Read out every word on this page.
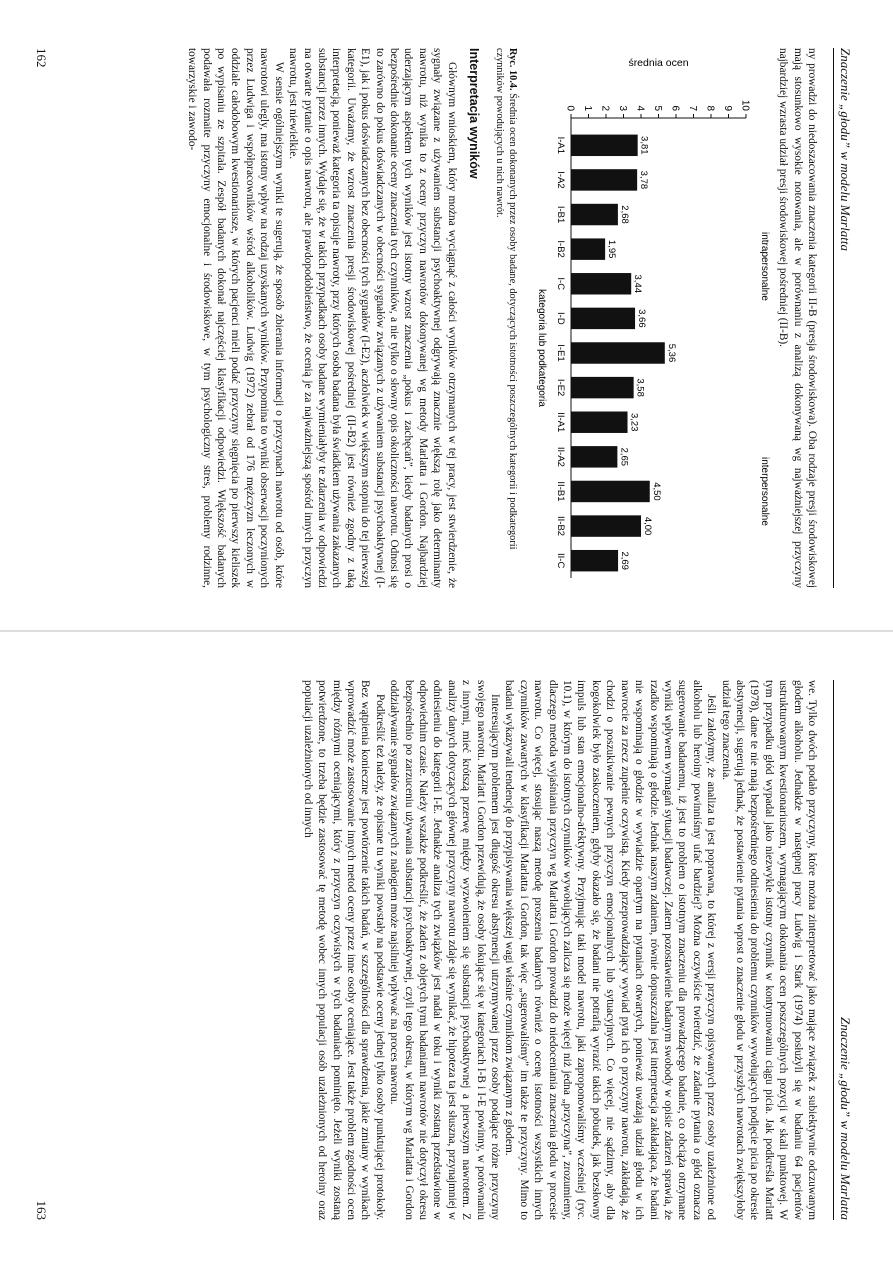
Znaczenie „głodu” w modelu Marlatta

ny prowadzi do niedoszacowania znaczenia kategorii II-B (presja środowiskowa). Oba rodzaje presji środowiskowej mają stosunkowo wysokie notowania, ale w porównaniu z analizą dokonywaną wg najważniejszej przyczyny najbardziej wzrasta udział presji środowiskowej pośredniej (II-B).

0 1 2 3 4 5 6 7 8 9 10
średnia ocen
3,81
I-A1
3,78
I-A2
2,68
I-B1
1,95
I-B2
3,44
I-C
3,66
I-D
5,36
I-E1
3,58
I-E2
3,23
II-A1
2,65
II-A2
4,50
II-B1
4,00
II-B2
2,69
II-C
intrapersonalne
interpersonalne
kategoria lub podkategoria

Ryc. 10.4. Średnia ocen dokonanych przez osoby badane, dotyczących istotności poszczególnych kategorii i podkategorii czynników powodujących u nich nawrót.

Interpretacja wyników

Głównym wnioskiem, który można wyciągnąć z całości wyników otrzymanych w tej pracy, jest stwierdzenie, że sygnały związane z używaniem substancji psychoaktywnej odgrywają znacznie większą rolę jako determinanty nawrotu, niż wynika to z oceny przyczyn nawrotów dokonywanej wg metody Marlatta i Gordon. Najbardziej uderzającym aspektem tych wyników jest istotny wzrost znaczenia „pokus i zachęcań”, kiedy badanych prosi o bezpośrednie dokonanie oceny znaczenia tych czynników, a nie tylko o słowny opis okoliczności nawrotu. Odnosi się to zarówno do pokus doświadczanych w obecności sygnałów związanych z używaniem substancji psychoaktywnej (I-E1), jak i pokus doświadczanych bez obecności tych sygnałów (I-E2), aczłolwiek w większym stopniu do tej pierwszej kategorii. Uważamy, że wzrost znaczenia presji środowiskowej pośredniej (II-B2) jest również zgodny z taką interpretacją, ponieważ kategoria ta opisuje nawroty, przy których osoba badana była świadkiem używania zakazanych substancji przez innych. Wydaje się, że w takich przypadkach osoby badane wymieniałyby te zdarzenia w odpowiedzi na otwarte pytanie o opis nawrotu, ale prawdopodobieństwo, że ocenią je za najważniejszą spośród innych przyczyn nawrotu, jest niewielkie.

W sensie ogólniejszym wyniki te sugerują, że sposób zbierania informacji o przyczynach nawrotu od osób, które nawrotowi ulegly, ma istotny wpływ na rodzaj uzyskanych wyników. Przypomina to wyniki obserwacji poczynionych przez Ludwiga i współpracowników wśród alkoholików. Ludwig (1972) zebrał od 176 mężczyzn leczonych w oddziale całodobowym kwestionariusze, w których pacjenci mieli podać przyczyny sięgnięcia po pierwszy kieliszek po wypisaniu ze szpitala. Zespół badanych dokonał najczęściej klasyfikacji odpowiedzi. Większość badanych podawała rozmaite przyczyny emocjonalne i środowiskowe, w tym psychologiczny stres, problemy rodzinne, towarzyskie i zawodo-

162
Znaczenie „głodu” w modelu Marlatta

we. Tylko dwóch podało przyczyny, które można zinterpretować jako mające związek z subiektywnie odczuwanym głodem alkoholu. Jednakże w następnej pracy Ludwig i Stark (1974) posłużyli się w badaniu 64 pacjentów ustrukturowanym kwestionariuszem, wymagającym dokonania ocen poszczególnych pozycji w skali punktowej. W tym przypadku głód wypadal jako niezwykle istotny czynnik w kontynuowaniu ciągu picia. Jak podkreśla Marlatt (1978), dane te nie mają bezpośredniego odniesienia do problemu czynników wywołujących podjęcie picia po okresie abstynencji, sugerują jednak, że postawienie pytania wprost o znaczenie głodu w przyszłych nawrotach zwiększyłoby udział tego znaczenia.

Jeśli założymy, że analiza ta jest poprawna, to której z wersji przyczyn opisywanych przez osoby uzależnione od alkoholu lub heroiny powinniśmy ufać bardziej? Można oczywiście twierdzić, że zadanie pytania o głód oznacza sugerowanie badanemu, iż jest to problem o istotnym znaczeniu dla prowadzącego badanie, co obciąża otrzymane wyniki wpływem wymagań sytuacji badawczej. Zatem pozostawienie badanym swobody w opisie zdarzeń sprawia, że rzadko wspominają o głodzie. Jednak naszym zdaniem, równie dopuszczalna jest interpretacja zakładająca, że badani nie wspominają o głodzie w wywiadzie opartym na pytaniach otwartych, ponieważ uważają udział głodu w ich nawrocie za rzecz zupełnie oczywistą. Kiedy przeprowadzający wywiad pyta ich o przyczyny nawrotu, zakładają, że chodzi o poszukiwanie pewnych przyczyn emocjonalnych lub sytuacyjnych. Co więcej, nie sądzimy, aby dla kogokolwiek było zaskoczeniem, gdyby okazało się, że badani nie potrafią wyrazić takich pobudek, jak bezsłowny impuls lub stan emocjonalno-afektywny. Przyjmując taki model nawrotu, jaki zaproponowaliśmy wcześniej (ryc. 10.1), w którym do istotnych czynników wywołujących zalicza się może więcej niż jedna „przyczyna”, zrozumiemy, dlaczego metoda wyjaśniania przyczyn wg Marlatta i Gordon prowadzi do niedoceniania znaczenia głodu w procesie nawrotu. Co więcej, stosując naszą metodę proszenia badanych również o ocenę istotności wszystkich innych czynników zawartych w klasyfikacji Marlatta i Gordon, tak więc „sugerowaliśmy” im także te przyczyny. Mimo to badani wykazywali tendencję do przypisywania większej wagi właśnie czynnikom związanym z głodem.

Interesującym problemem jest długość okresu abstynencji utrzymywanej przez osoby podające różne przyczyny swojego nawrotu. Marlatt i Gordon przewidują, że osoby lokujące się w kategoriach I-B i I-E powinny, w porównaniu z innymi, mieć krótszą przerwę między wyzwoleniem się substancji psychoaktywnej a pierwszym nawrotem. Z analizy danych dotyczących głównej przyczyny nawrotu zdaje się wynikać, że hipoteza ta jest słuszna, przynajmniej w odniesieniu do kategorii I-E. Jednakże analiza tych związków jest nadal w toku i wyniki zostaną przedstawione w odpowiednim czasie. Należy wszakże podkreślić, że żaden z objetych tymi badaniami nawrotów nie dotyczył okresu bezpośrednio po zarzuceniu używania substancji psychoaktywnej, czyli tego okresu, w którym wg Marlatta i Gordon oddziaływanie sygnałów związanych z nałogiem może najsilniej wpływać na proces nawrotu.

Podkreślić też należy, że opisane tu wyniki powstały na podstawie oceny jednej tylko osoby punktującej protokoły. Bez wątpienia konieczne jest powtórzenie takich badań, w szczególności dla sprawdzenia, jakie zmiany w wynikach wprowadzić może zastosowanie innych metod oceny przez inne osoby oceniające. Jest także problem zgodności ocen między różnymi oceniającymi, który z przyczyn oczywistych w tych badaniach pominięto. Jeżeli wyniki zostaną potwierdzone, to trzeba będzie zastosować tę metodę wobec innych populacji osób uzależnionych od heroiny oraz populacji uzależnionych od innych

163
